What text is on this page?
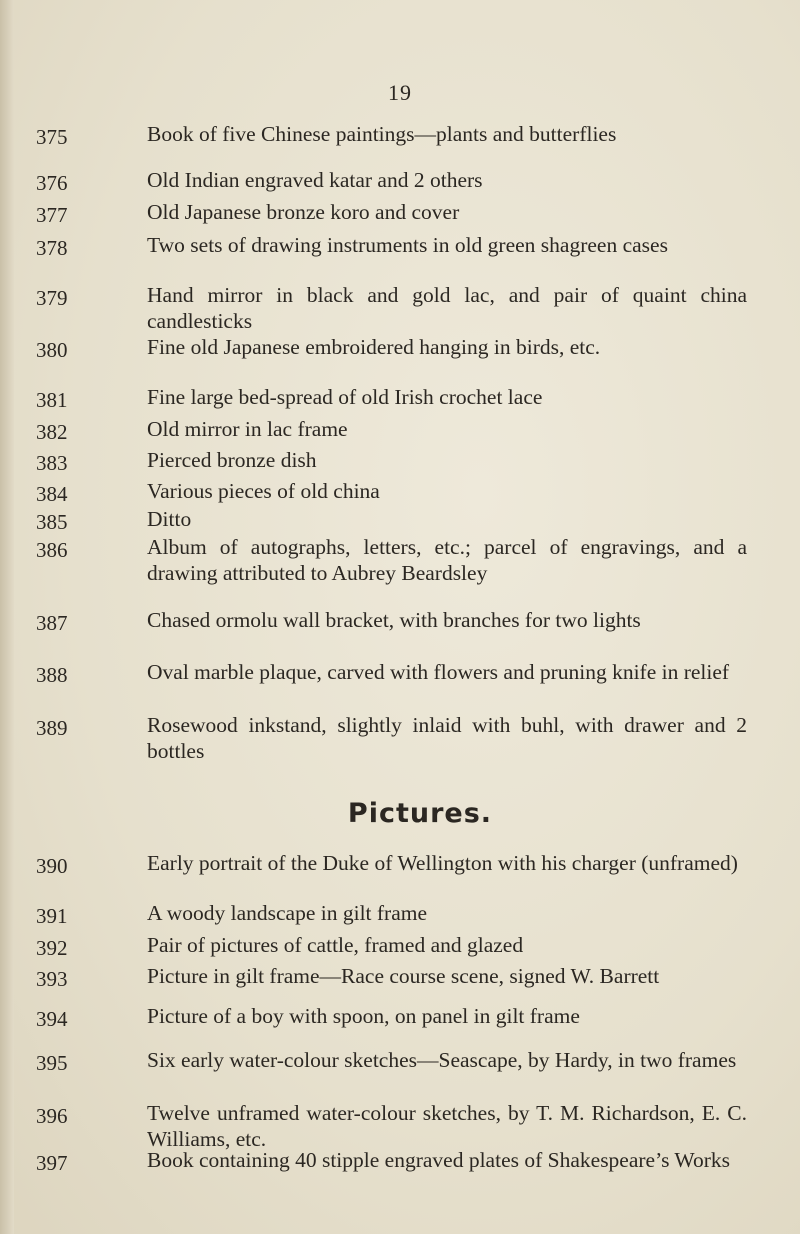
19
375	Book of five Chinese paintings—plants and butterflies
376	Old Indian engraved katar and 2 others
377	Old Japanese bronze koro and cover
378	Two sets of drawing instruments in old green shagreen cases
379	Hand mirror in black and gold lac, and pair of quaint china candlesticks
380	Fine old Japanese embroidered hanging in birds, etc.
381	Fine large bed-spread of old Irish crochet lace
382	Old mirror in lac frame
383	Pierced bronze dish
384	Various pieces of old china
385	Ditto
386	Album of autographs, letters, etc.; parcel of engravings, and a drawing attributed to Aubrey Beardsley
387	Chased ormolu wall bracket, with branches for two lights
388	Oval marble plaque, carved with flowers and pruning knife in relief
389	Rosewood inkstand, slightly inlaid with buhl, with drawer and 2 bottles
Pictures.
390	Early portrait of the Duke of Wellington with his charger (unframed)
391	A woody landscape in gilt frame
392	Pair of pictures of cattle, framed and glazed
393	Picture in gilt frame—Race course scene, signed W. Barrett
394	Picture of a boy with spoon, on panel in gilt frame
395	Six early water-colour sketches—Seascape, by Hardy, in two frames
396	Twelve unframed water-colour sketches, by T. M. Richardson, E. C. Williams, etc.
397	Book containing 40 stipple engraved plates of Shakespeare’s Works
